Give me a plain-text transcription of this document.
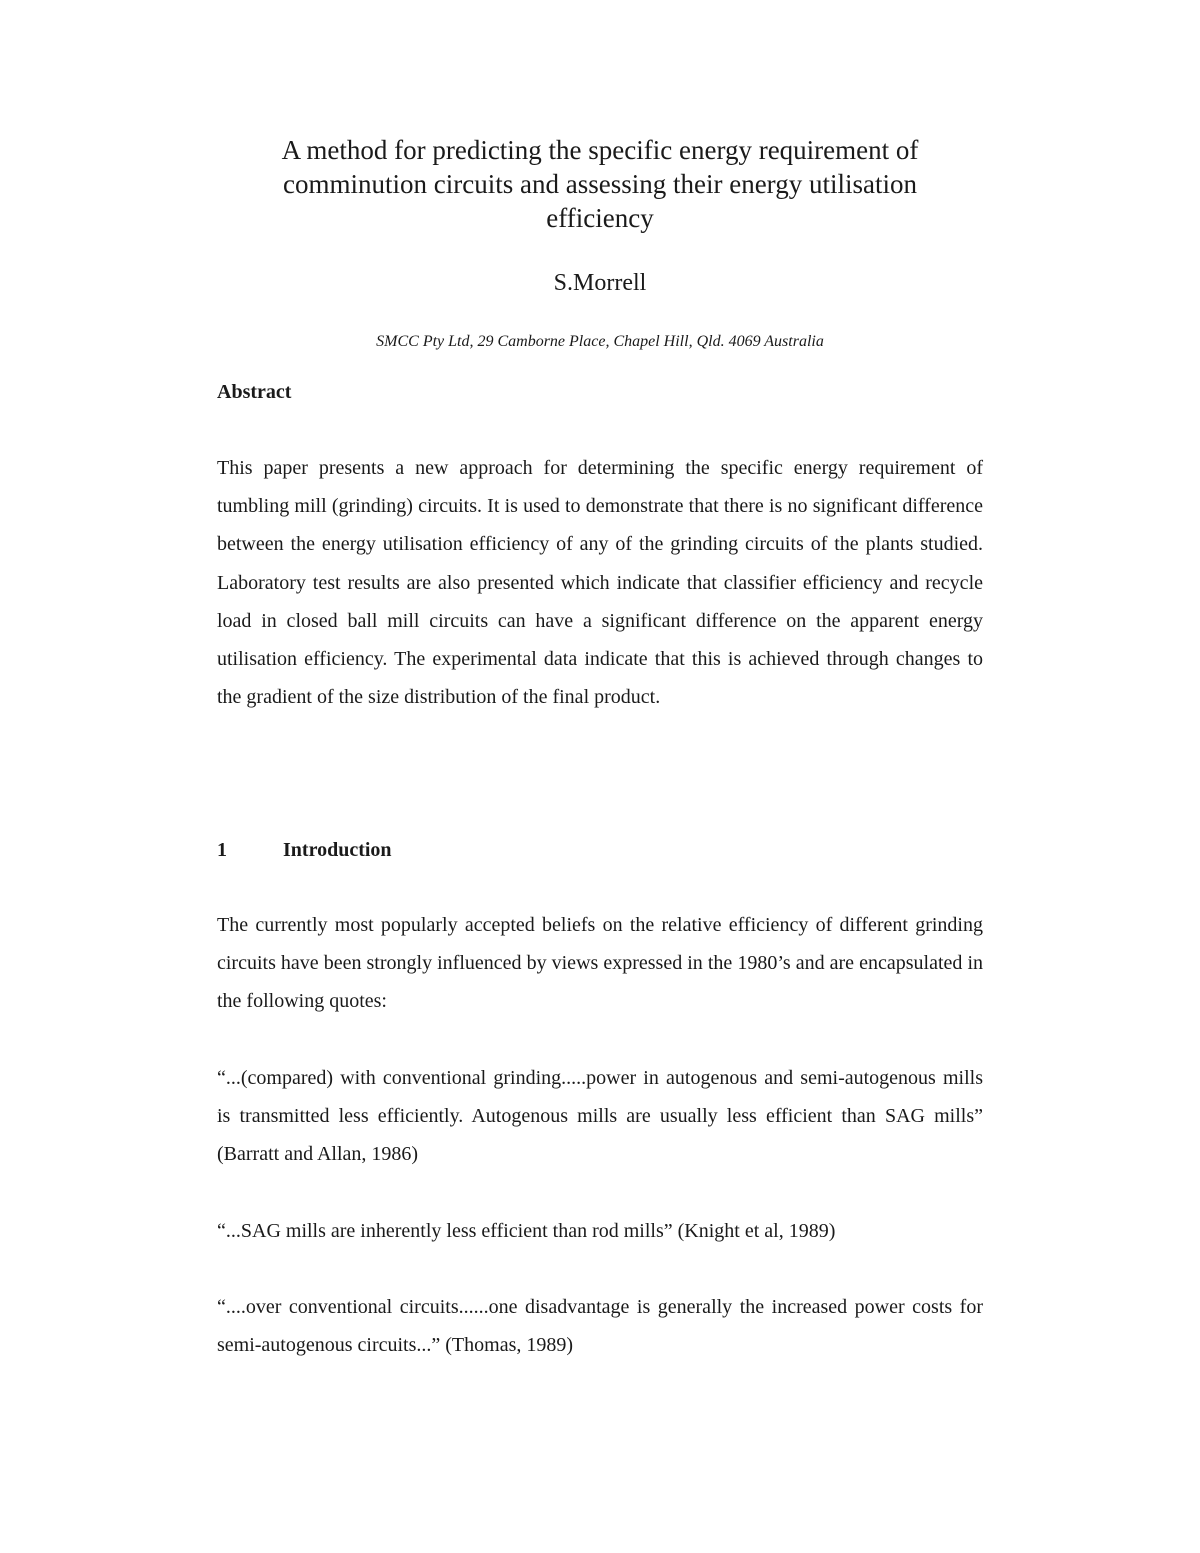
A method for predicting the specific energy requirement of
comminution circuits and assessing their energy utilisation
efficiency
S.Morrell
SMCC Pty Ltd, 29 Camborne Place, Chapel Hill, Qld. 4069 Australia
Abstract

This paper presents a new approach for determining the specific energy requirement of tumbling mill (grinding) circuits. It is used to demonstrate that there is no significant difference between the energy utilisation efficiency of any of the grinding circuits of the plants studied. Laboratory test results are also presented which indicate that classifier efficiency and recycle load in closed ball mill circuits can have a significant difference on the apparent energy utilisation efficiency. The experimental data indicate that this is achieved through changes to the gradient of the size distribution of the final product.

1	Introduction

The currently most popularly accepted beliefs on the relative efficiency of different grinding circuits have been strongly influenced by views expressed in the 1980’s and are encapsulated in the following quotes:

“...(compared) with conventional grinding.....power in autogenous and semi-autogenous mills is transmitted less efficiently. Autogenous mills are usually less efficient than SAG mills” (Barratt and Allan, 1986)

“...SAG mills are inherently less efficient than rod mills” (Knight et al, 1989)

“....over conventional circuits......one disadvantage is generally the increased power costs for semi-autogenous circuits...” (Thomas, 1989)
